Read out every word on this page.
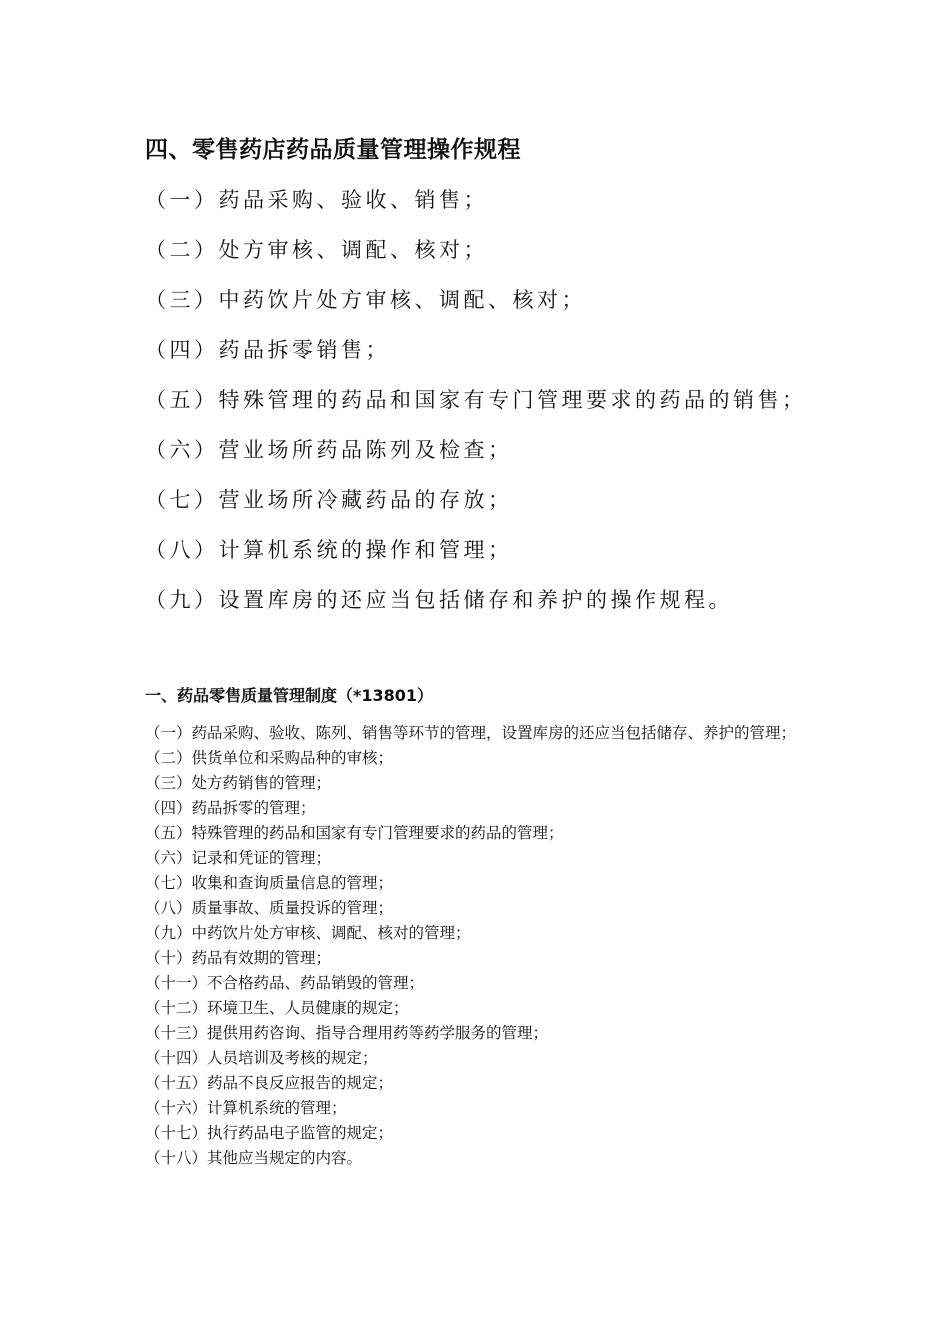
四、零售药店药品质量管理操作规程
（一）药品采购、验收、销售；
（二）处方审核、调配、核对；
（三）中药饮片处方审核、调配、核对；
（四）药品拆零销售；
（五）特殊管理的药品和国家有专门管理要求的药品的销售；
（六）营业场所药品陈列及检查；
（七）营业场所冷藏药品的存放；
（八）计算机系统的操作和管理；
（九）设置库房的还应当包括储存和养护的操作规程。
一、药品零售质量管理制度（*13801）
（一）药品采购、验收、陈列、销售等环节的管理，设置库房的还应当包括储存、养护的管理；
（二）供货单位和采购品种的审核；
（三）处方药销售的管理；
（四）药品拆零的管理；
（五）特殊管理的药品和国家有专门管理要求的药品的管理；
（六）记录和凭证的管理；
（七）收集和查询质量信息的管理；
（八）质量事故、质量投诉的管理；
（九）中药饮片处方审核、调配、核对的管理；
（十）药品有效期的管理；
（十一）不合格药品、药品销毁的管理；
（十二）环境卫生、人员健康的规定；
（十三）提供用药咨询、指导合理用药等药学服务的管理；
（十四）人员培训及考核的规定；
（十五）药品不良反应报告的规定；
（十六）计算机系统的管理；
（十七）执行药品电子监管的规定；
（十八）其他应当规定的内容。
